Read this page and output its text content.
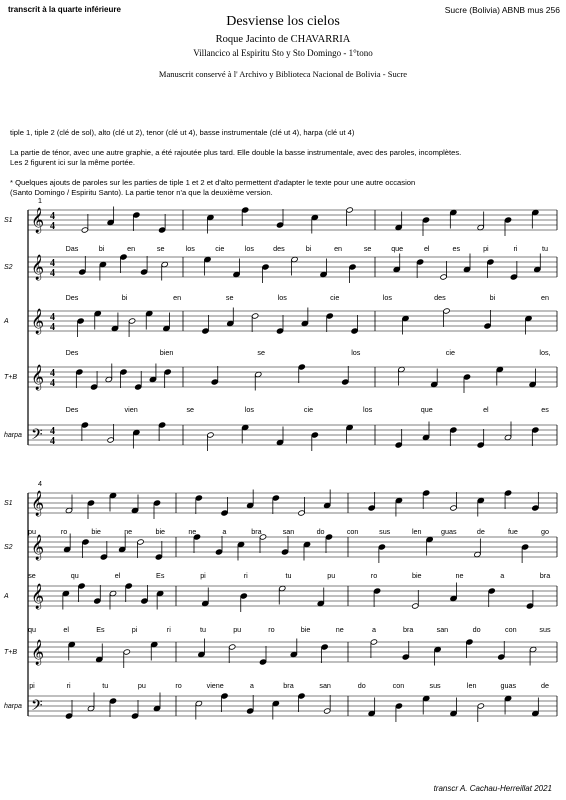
transcrit à la quarte inférieure	Sucre (Bolivia) ABNB mus 256
Desviense los cielos
Roque Jacinto de CHAVARRIA
Villancico al Espiritu Sto y Sto Domingo - 1°tono
Manuscrit conservé à l' Archivo y Biblioteca Nacional de Bolivia - Sucre

tiple 1, tiple 2 (clé de sol), alto (clé ut 2), tenor (clé ut 4), basse instrumentale (clé ut 4), harpa (clé ut 4)

La partie de ténor, avec une autre graphie, a été rajoutée plus tard. Elle double la basse instrumentale, avec des paroles, incomplètes.

Les 2 figurent ici sur la même portée.

* Quelques ajouts de paroles sur les parties de tiple 1 et 2 et d'alto permettent d'adapter le texte pour une autre occasion

(Santo Domingo / Espiritu Santo). La partie tenor n'a que la deuxième version.

1
S1 𝄞 4
4
S2 𝄞 4
4
A 𝄞 4
4
T+B 𝄞 4
4
harpa 𝄢 4
4
Das	bi	en	se	los	cie	los	des	bi	en	se	que	el	es	pi	ri	tu
Des	bi	en	se	los	cie	los	des	bi	en
Des	bien	se	los	cie	los,
Des	vien	se	los	cie	los	que	el	es
4
S1 𝄞
S2 𝄞
A 𝄞
T+B 𝄞
harpa 𝄢
pu	ro	bie	ne	bie	ne	a	bra	san	do	con	sus	len	guas	de	fue	go
se	qu	el	Es	pi	ri	tu	pu	ro	bie	ne	a	bra
qu	el	Es	pi	ri	tu	pu	ro	bie	ne	a	bra	san	do	con	sus
pi	ri	tu	pu	ro	viene	a	bra	san	do	con	sus	len	guas	de
transcr A. Cachau-Herreillat 2021
